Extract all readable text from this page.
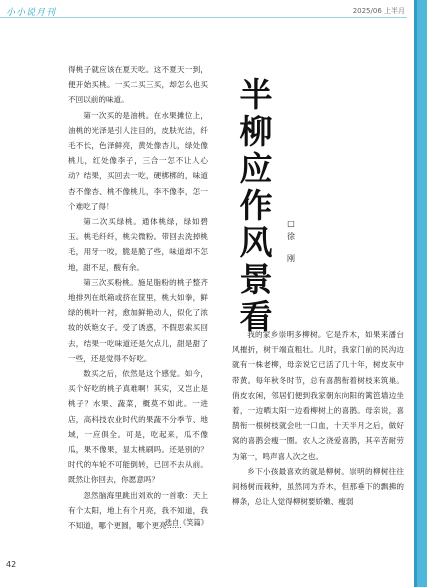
小小说月刊	2025/06 上半月

得桃子就应该在夏天吃。这不夏天一到，便开始买桃。一买二买三买，却怎么也买不回以前的味道。

第一次买的是油桃。在水果摊位上，油桃的光泽是引人注目的，皮肤光洁，纤毛不长，色泽鲜亮，黄处像杏儿，绿处像桃儿，红处像李子，三合一怎不让人心动？结果，买回去一吃，硬梆梆的，味道杏不像杏、桃不像桃儿，李不像李，怎一个难吃了得！

第二次买绿桃。通体桃绿，绿如碧玉。桃毛纤纤，桃尖微粉。带回去洗掉桃毛，用牙一咬，脆是脆了些，味道却不怎地，甜不足，酸有余。

第三次买粉桃。施足脂粉的桃子整齐地排列在纸箱或挤在筐里，桃大如拳，鲜绿的桃叶一衬，愈加鲜艳动人，似化了浓妆的妖艳女子。受了诱惑，不假思索买回去，结果一吃味道还是欠点儿，甜是甜了一些，还是觉得不好吃。

数买之后，依然是这个感觉。如今，买个好吃的桃子真难啊！其实，又岂止是桃子？水果、蔬菜，概莫不如此。一进店，高科技农业时代的果蔬不分季节、地域，一应俱全。可是，吃起来，瓜不像瓜，果不像果，显太桃刷吗。还是别的？时代的车轮不可能倒转，已回不去从前。既然让你回去，你愿意吗？

忽然脑海里跳出刘欢的一首歌：天上有个太阳，地上有个月亮，我不知道，我不知道，哪个更圆，哪个更亮……

选自《笑篇》
半
柳
应
作
风
景
看
□
徐

刚

我的家乡崇明多柳树。它是乔木，如果来潘台风摧折，树干端直粗壮。儿时，我家门前的民沟边就有一株老柳，母亲说它已活了几十年，树皮灰中带黄。每年秋冬时节，总有喜鹊衔着树枝来筑巢。俏皮农闲，邻居们便到我家朝东向阳的篱笆墙边坐着，一边晒太阳一边看柳树上的喜鹊。母亲说，喜鹊衔一根树枝就会吐一口血，十天半月之后，做好窝的喜鹊会瘦一圈。农人之浇爱喜鹊，其辛苦耐劳为第一，鸣声喜人次之也。

乡下小孩最喜欢的就是柳树。崇明的柳树往往间杨树而栽种，虽然同为乔木，但那垂下的飘拂的柳条，总让人觉得柳树要娇嫩、瘦弱

42
